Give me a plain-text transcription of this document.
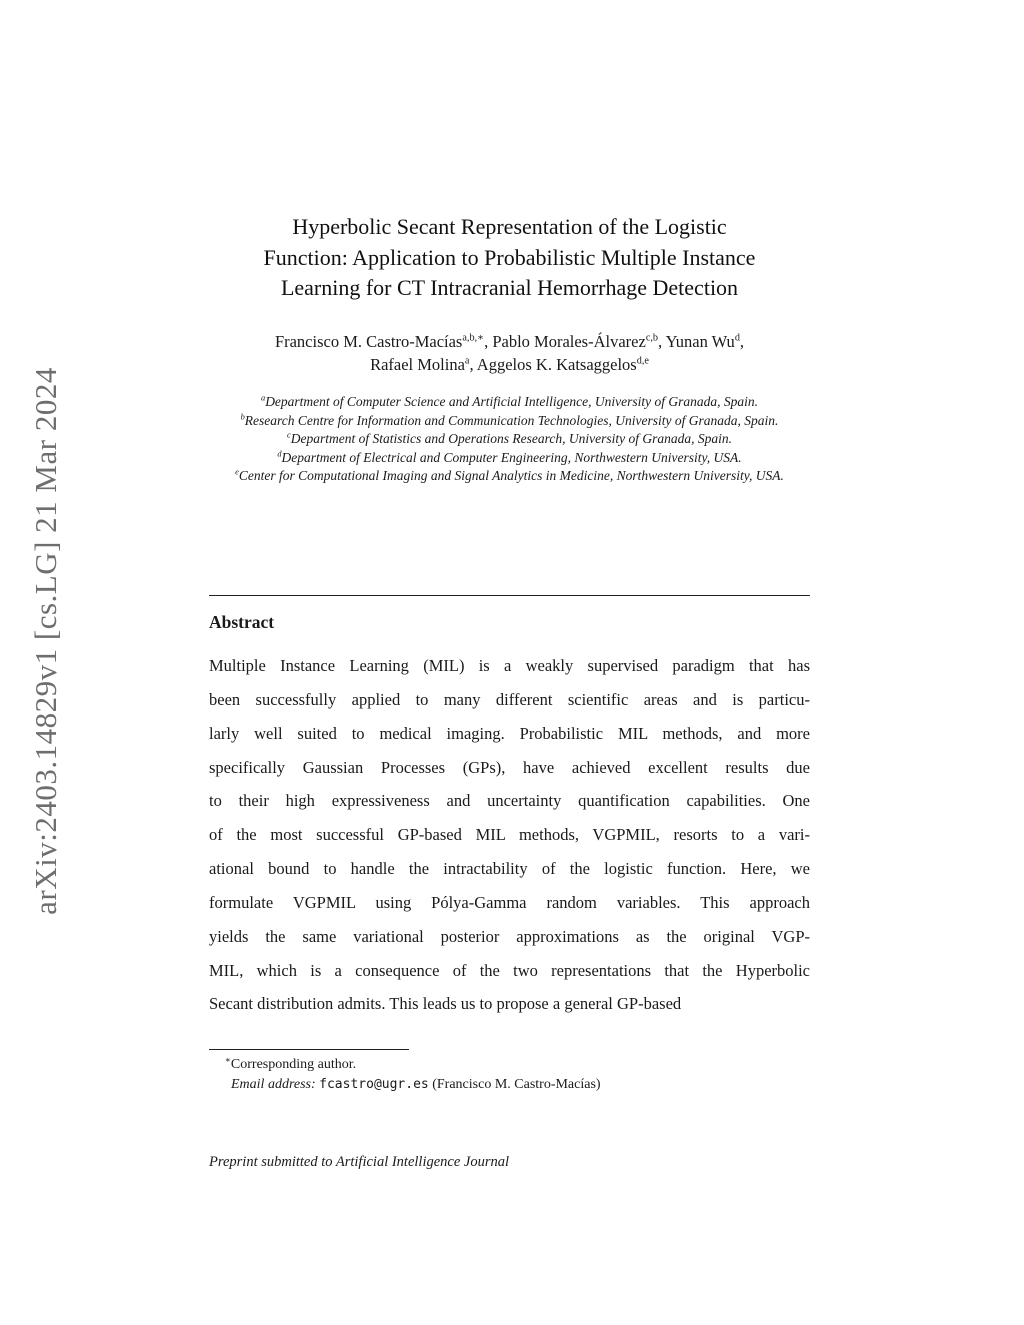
arXiv:2403.14829v1 [cs.LG] 21 Mar 2024
Hyperbolic Secant Representation of the Logistic
Function: Application to Probabilistic Multiple Instance
Learning for CT Intracranial Hemorrhage Detection
Francisco M. Castro-Macías$^{a,b,∗}$, Pablo Morales-Álvarez$^{c,b}$, Yunan Wu$^d$,
Rafael Molina$^a$, Aggelos K. Katsaggelos$^{d,e}$
$^a$Department of Computer Science and Artificial Intelligence, University of Granada, Spain.
$^b$Research Centre for Information and Communication Technologies, University of Granada, Spain.
$^c$Department of Statistics and Operations Research, University of Granada, Spain.
$^d$Department of Electrical and Computer Engineering, Northwestern University, USA.
$^e$Center for Computational Imaging and Signal Analytics in Medicine, Northwestern University, USA.
Abstract
Multiple Instance Learning (MIL) is a weakly supervised paradigm that has
been successfully applied to many different scientific areas and is particu-
larly well suited to medical imaging. Probabilistic MIL methods, and more
specifically Gaussian Processes (GPs), have achieved excellent results due
to their high expressiveness and uncertainty quantification capabilities. One
of the most successful GP-based MIL methods, VGPMIL, resorts to a vari-
ational bound to handle the intractability of the logistic function. Here, we
formulate VGPMIL using Pólya-Gamma random variables. This approach
yields the same variational posterior approximations as the original VGP-
MIL, which is a consequence of the two representations that the Hyperbolic
Secant distribution admits. This leads us to propose a general GP-based
∗Corresponding author.
Email address: fcastro@ugr.es (Francisco M. Castro-Macías)
Preprint submitted to Artificial Intelligence Journal
